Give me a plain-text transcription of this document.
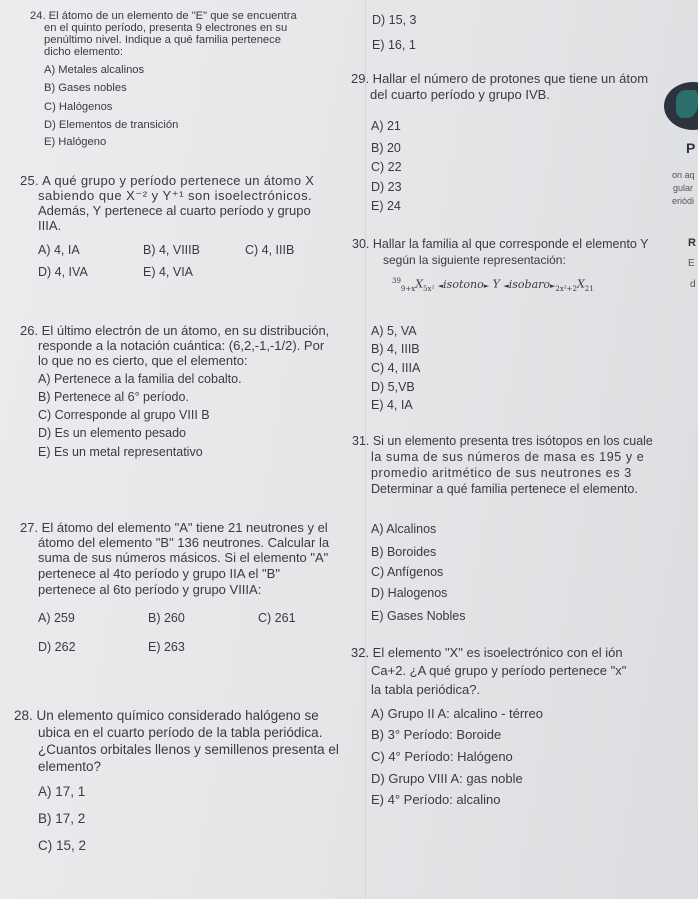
24. El átomo de un elemento de "E" que se encuentra
en el quinto período, presenta 9 electrones en su
penúltimo nivel. Indique a qué familia pertenece
dicho elemento:
A) Metales alcalinos
B) Gases nobles
C) Halógenos
D) Elementos de transición
E) Halógeno
25. A qué grupo y período pertenece un átomo X
sabiendo que X⁻² y Y⁺¹ son isoelectrónicos.
Además, Y pertenece al cuarto período y grupo
IIIA.
A) 4, IA	B) 4, VIIIB	C) 4, IIIB
D) 4, IVA	E) 4, VIA
26. El último electrón de un átomo, en su distribución,
responde a la notación cuántica: (6,2,-1,-1/2). Por
lo que no es cierto, que el elemento:
A) Pertenece a la familia del cobalto.
B) Pertenece al 6° período.
C) Corresponde al grupo VIII B
D) Es un elemento pesado
E) Es un metal representativo
27. El átomo del elemento "A" tiene 21 neutrones y el
átomo del elemento "B" 136 neutrones. Calcular la
suma de sus números másicos. Si el elemento "A"
pertenece al 4to período y grupo IIA el "B"
pertenece al 6to período y grupo VIIIA:
A) 259	B) 260	C) 261
D) 262	E) 263
28. Un elemento químico considerado halógeno se
ubica en el cuarto período de la tabla periódica.
¿Cuantos orbitales llenos y semillenos presenta el
elemento?
A) 17, 1
B) 17, 2
C) 15, 2
D) 15, 3
E) 16, 1
29. Hallar el número de protones que tiene un átom
del cuarto período y grupo IVB.
A) 21
B) 20
C) 22
D) 23
E) 24
30. Hallar la familia al que corresponde el elemento Y
según la siguiente representación:
$^{39}_{9+x}X_{5x^2}$ ◄ isotono ► Y ◄ isobaro ► $_{2x^2+2}X_{21}$
A) 5, VA
B) 4, IIIB
C) 4, IIIA
D) 5,VB
E) 4, IA
31. Si un elemento presenta tres isótopos en los cuale
la suma de sus números de masa es 195 y e
promedio aritmético de sus neutrones es 3
Determinar a qué familia pertenece el elemento.
A) Alcalinos
B) Boroides
C) Anfígenos
D) Halogenos
E) Gases Nobles
32. El elemento "X" es isoelectrónico con el ión
Ca+2. ¿A qué grupo y período pertenece "x"
la tabla periódica?.
A) Grupo II A: alcalino - térreo
B) 3° Período: Boroide
C) 4° Período: Halógeno
D) Grupo VIII A: gas noble
E) 4° Período: alcalino
P
on aq
gular
eriódi
R
E
d
